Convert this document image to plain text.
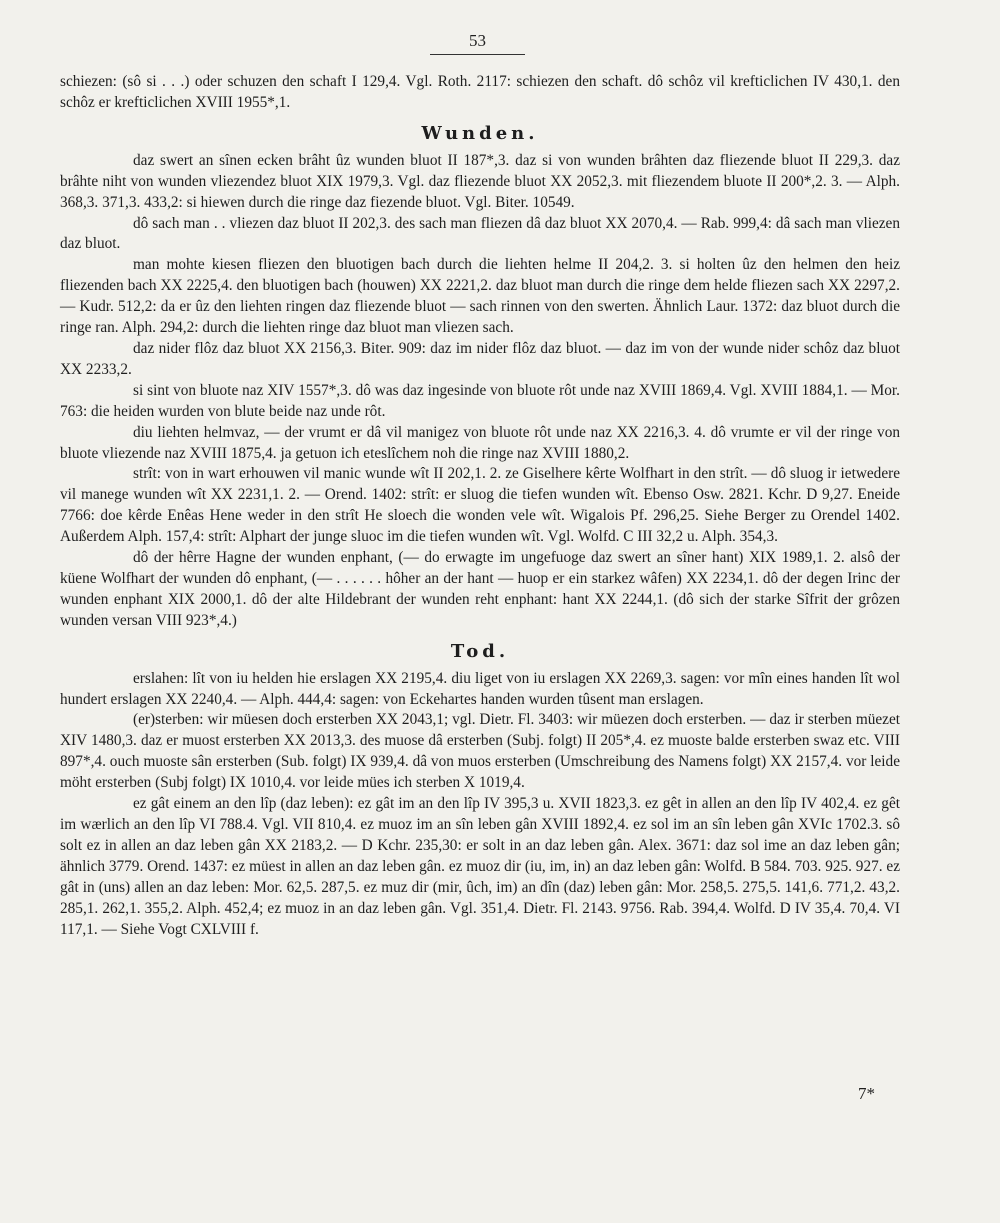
53

schiezen: (sô si . . .) oder schuzen den schaft I 129,4. Vgl. Roth. 2117: schiezen den schaft. dô schôz vil krefticlichen IV 430,1. den schôz er krefticlichen XVIII 1955*,1.

Wunden.

daz swert an sînen ecken brâht ûz wunden bluot II 187*,3. daz si von wunden brâhten daz fliezende bluot II 229,3. daz brâhte niht von wunden vliezendez bluot XIX 1979,3. Vgl. daz fliezende bluot XX 2052,3. mit fliezendem bluote II 200*,2. 3. — Alph. 368,3. 371,3. 433,2: si hiewen durch die ringe daz fiezende bluot. Vgl. Biter. 10549.

dô sach man . . vliezen daz bluot II 202,3. des sach man fliezen dâ daz bluot XX 2070,4. — Rab. 999,4: dâ sach man vliezen daz bluot.

man mohte kiesen fliezen den bluotigen bach durch die liehten helme II 204,2. 3. si holten ûz den helmen den heiz fliezenden bach XX 2225,4. den bluotigen bach (houwen) XX 2221,2. daz bluot man durch die ringe dem helde fliezen sach XX 2297,2. — Kudr. 512,2: da er ûz den liehten ringen daz fliezende bluot — sach rinnen von den swerten. Ähnlich Laur. 1372: daz bluot durch die ringe ran. Alph. 294,2: durch die liehten ringe daz bluot man vliezen sach.

daz nider flôz daz bluot XX 2156,3. Biter. 909: daz im nider flôz daz bluot. — daz im von der wunde nider schôz daz bluot XX 2233,2.

si sint von bluote naz XIV 1557*,3. dô was daz ingesinde von bluote rôt unde naz XVIII 1869,4. Vgl. XVIII 1884,1. — Mor. 763: die heiden wurden von blute beide naz unde rôt.

diu liehten helmvaz, — der vrumt er dâ vil manigez von bluote rôt unde naz XX 2216,3. 4. dô vrumte er vil der ringe von bluote vliezende naz XVIII 1875,4. ja getuon ich eteslîchem noh die ringe naz XVIII 1880,2.

strît: von in wart erhouwen vil manic wunde wît II 202,1. 2. ze Giselhere kêrte Wolfhart in den strît. — dô sluog ir ietwedere vil manege wunden wît XX 2231,1. 2. — Orend. 1402: strît: er sluog die tiefen wunden wît. Ebenso Osw. 2821. Kchr. D 9,27. Eneide 7766: doe kêrde Enêas Hene weder in den strît He sloech die wonden vele wît. Wigalois Pf. 296,25. Siehe Berger zu Orendel 1402. Außerdem Alph. 157,4: strît: Alphart der junge sluoc im die tiefen wunden wît. Vgl. Wolfd. C III 32,2 u. Alph. 354,3.

dô der hêrre Hagne der wunden enphant, (— do erwagte im ungefuoge daz swert an sîner hant) XIX 1989,1. 2. alsô der küene Wolfhart der wunden dô enphant, (— . . . . . . hôher an der hant — huop er ein starkez wâfen) XX 2234,1. dô der degen Irinc der wunden enphant XIX 2000,1. dô der alte Hildebrant der wunden reht enphant: hant XX 2244,1. (dô sich der starke Sîfrit der grôzen wunden versan VIII 923*,4.)

Tod.

erslahen: lît von iu helden hie erslagen XX 2195,4. diu liget von iu erslagen XX 2269,3. sagen: vor mîn eines handen lît wol hundert erslagen XX 2240,4. — Alph. 444,4: sagen: von Eckehartes handen wurden tûsent man erslagen.

(er)sterben: wir müesen doch ersterben XX 2043,1; vgl. Dietr. Fl. 3403: wir müezen doch ersterben. — daz ir sterben müezet XIV 1480,3. daz er muost ersterben XX 2013,3. des muose dâ ersterben (Subj. folgt) II 205*,4. ez muoste balde ersterben swaz etc. VIII 897*,4. ouch muoste sân ersterben (Sub. folgt) IX 939,4. dâ von muos ersterben (Umschreibung des Namens folgt) XX 2157,4. vor leide möht ersterben (Subj folgt) IX 1010,4. vor leide mües ich sterben X 1019,4.

ez gât einem an den lîp (daz leben): ez gât im an den lîp IV 395,3 u. XVII 1823,3. ez gêt in allen an den lîp IV 402,4. ez gêt im wærlich an den lîp VI 788.4. Vgl. VII 810,4. ez muoz im an sîn leben gân XVIII 1892,4. ez sol im an sîn leben gân XVIc 1702.3. sô solt ez in allen an daz leben gân XX 2183,2. — D Kchr. 235,30: er solt in an daz leben gân. Alex. 3671: daz sol ime an daz leben gân; ähnlich 3779. Orend. 1437: ez müest in allen an daz leben gân. ez muoz dir (iu, im, in) an daz leben gân: Wolfd. B 584. 703. 925. 927. ez gât in (uns) allen an daz leben: Mor. 62,5. 287,5. ez muz dir (mir, ûch, im) an dîn (daz) leben gân: Mor. 258,5. 275,5. 141,6. 771,2. 43,2. 285,1. 262,1. 355,2. Alph. 452,4; ez muoz in an daz leben gân. Vgl. 351,4. Dietr. Fl. 2143. 9756. Rab. 394,4. Wolfd. D IV 35,4. 70,4. VI 117,1. — Siehe Vogt CXLVIII f.

7*
